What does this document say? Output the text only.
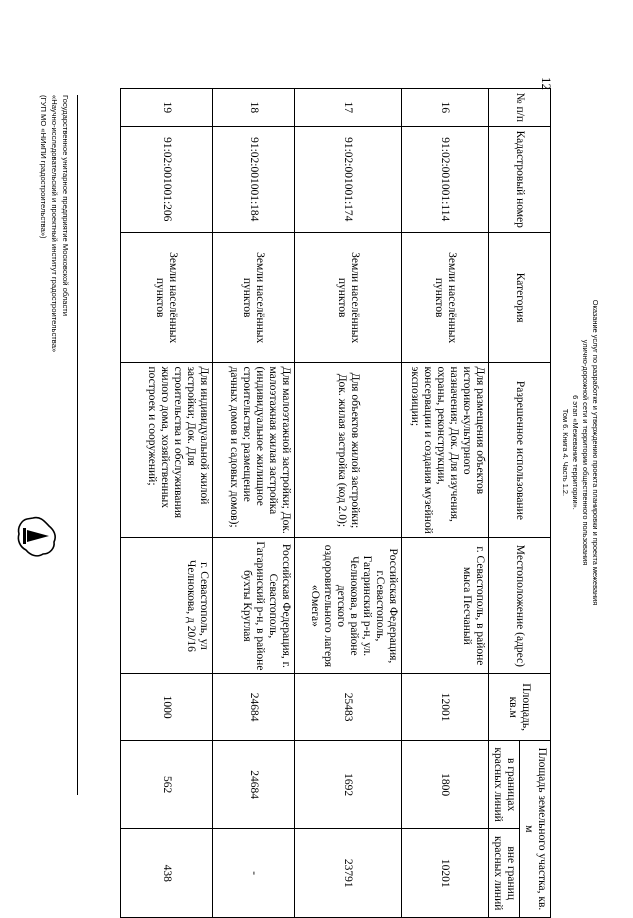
Оказание услуг по разработке и утверждению проекта планировки и проекта межевания
улично-дорожной сети и территории общественного пользования
6 этап «Межевание территории».
Том 6. Книга 4. Часть 1.2.
12
№ п/п	Кадастровый номер	Категория	Разрешенное использование	Местоположение (адрес)	Площадь, кв.м	Площадь земельного участка, кв. м	
						в границах красных линий	вне границ красных линий
16	91:02:001001:114	Земли населённых пунктов	Для размещения объектов историко-культурного назначения; Док. Для изучения, охраны, реконструкции, консервации и создания музейной экспозиции;	г. Севастополь, в районе мыса Песчаный	12001	1800	10201
17	91:02:001001:174	Земли населённых пунктов	Для объектов жилой застройки; Док. жилая застройка (код 2.0);	Российская Федерация, г.Севастополь, Гагаринский р-н, ул. Челнокова, в районе детского оздоровительного лагеря «Омега»	25483	1692	23791
18	91:02:001001:184	Земли населённых пунктов	Для малоэтажной застройки; Док. малоэтажная жилая застройка (индивидуальное жилищное строительство; размещение дачных домов и садовых домов);	Российская Федерация, г. Севастополь, Гагаринский р-н, в районе бухты Круглая	24684	24684	-
19	91:02:001001:206	Земли населённых пунктов	Для индивидуальной жилой застройки; Док. Для строительства и обслуживания жилого дома, хозяйственных построек и сооружений;	г. Севастополь, ул Челнокова, д 20/16	1000	562	438
Государственное унитарное предприятие Московской области
«Научно-исследовательский и проектный институт градостроительства»
(ГУП МО «НИиПИ градостроительства»)
